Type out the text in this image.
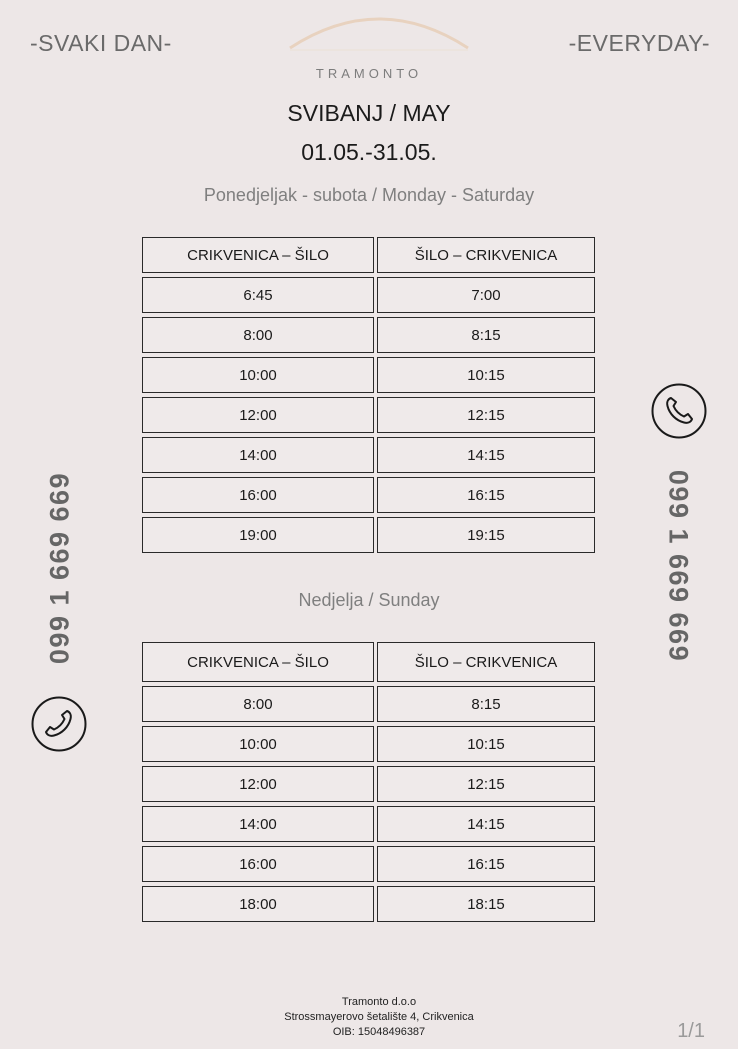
-SVAKI DAN-	-EVERYDAY-
TRAMONTO
SVIBANJ / MAY
01.05.-31.05.
Ponedjeljak - subota / Monday - Saturday
CRIKVENICA – ŠILO	ŠILO – CRIKVENICA
6:45	7:00
8:00	8:15
10:00	10:15
12:00	12:15
14:00	14:15
16:00	16:15
19:00	19:15
Nedjelja / Sunday
CRIKVENICA – ŠILO	ŠILO – CRIKVENICA
8:00	8:15
10:00	10:15
12:00	12:15
14:00	14:15
16:00	16:15
18:00	18:15
099 1 669 669	099 1 669 669
Tramonto d.o.o
Strossmayerovo šetalište 4, Crikvenica
OIB: 15048496387	1/1
